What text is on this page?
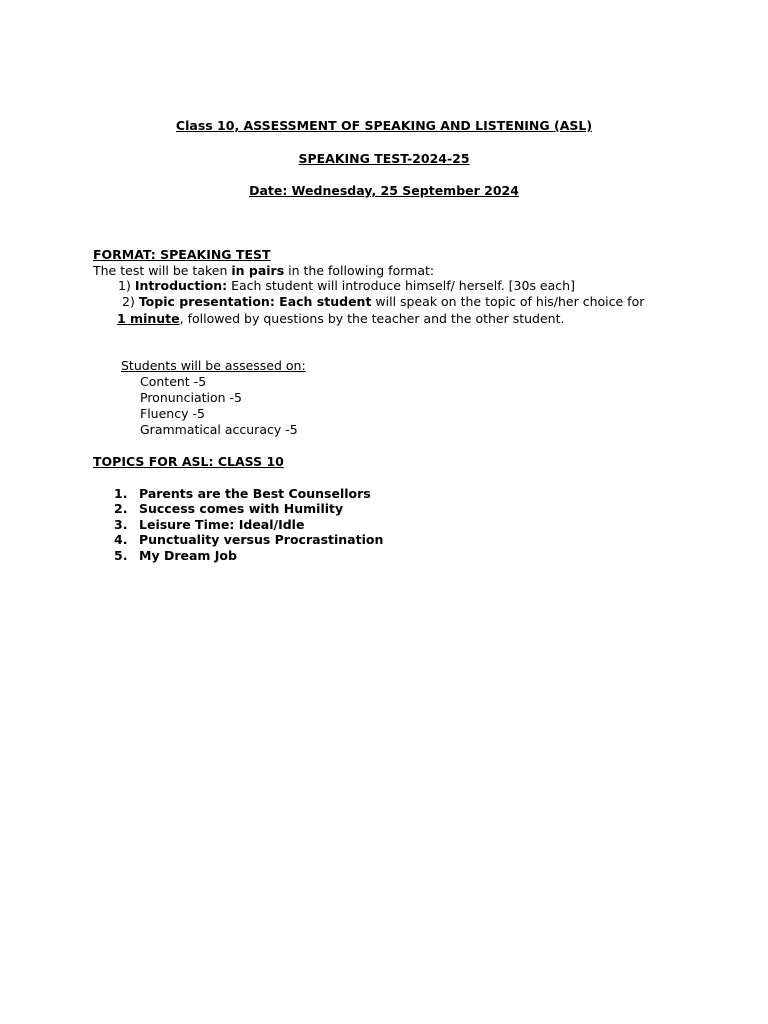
Class 10, ASSESSMENT OF SPEAKING AND LISTENING (ASL)
SPEAKING TEST-2024-25
Date: Wednesday, 25 September 2024
FORMAT: SPEAKING TEST
The test will be taken in pairs in the following format:
1) Introduction: Each student will introduce himself/ herself. [30s each]
2) Topic presentation: Each student will speak on the topic of his/her choice for
1 minute, followed by questions by the teacher and the other student.
Students will be assessed on:
Content -5
Pronunciation -5
Fluency -5
Grammatical accuracy -5
TOPICS FOR ASL: CLASS 10
1. Parents are the Best Counsellors
2. Success comes with Humility
3. Leisure Time: Ideal/Idle
4. Punctuality versus Procrastination
5. My Dream Job
